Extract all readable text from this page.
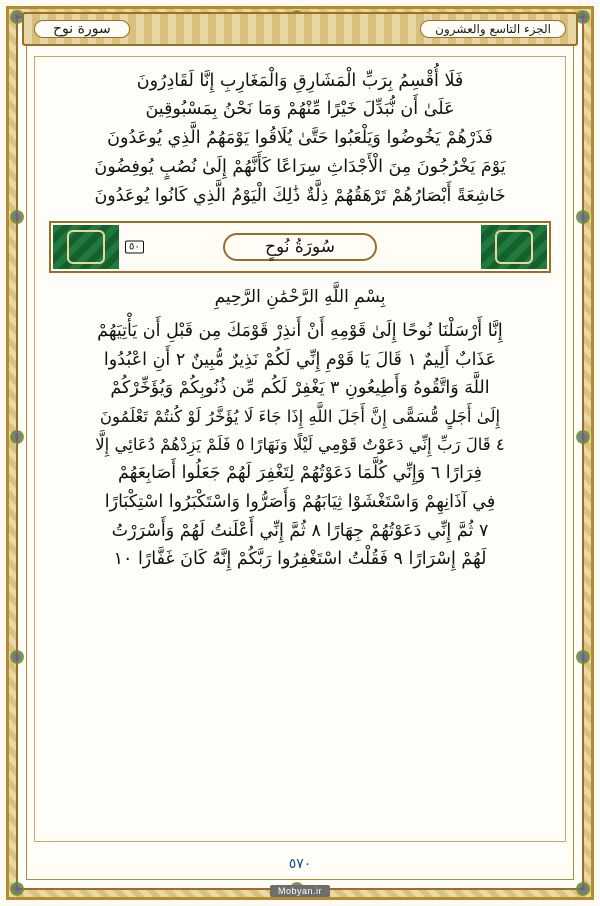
الجزء التاسع والعشرون
سورة نوح

فَلَا أُقْسِمُ بِرَبِّ الْمَشَارِقِ وَالْمَغَارِبِ إِنَّا لَقَادِرُونَ

عَلَىٰ أَن نُّبَدِّلَ خَيْرًا مِّنْهُمْ وَمَا نَحْنُ بِمَسْبُوقِينَ

فَذَرْهُمْ يَخُوضُوا وَيَلْعَبُوا حَتَّىٰ يُلَاقُوا يَوْمَهُمُ الَّذِي يُوعَدُونَ

يَوْمَ يَخْرُجُونَ مِنَ الْأَجْدَاثِ سِرَاعًا كَأَنَّهُمْ إِلَىٰ نُصُبٍ يُوفِضُونَ

خَاشِعَةً أَبْصَارُهُمْ تَرْهَقُهُمْ ذِلَّةٌ ذَٰلِكَ الْيَوْمُ الَّذِي كَانُوا يُوعَدُونَ

سُورَةُ نُوحٍ
٥٠
بِسْمِ اللَّهِ الرَّحْمَٰنِ الرَّحِيمِ

إِنَّا أَرْسَلْنَا نُوحًا إِلَىٰ قَوْمِهِ أَنْ أَنذِرْ قَوْمَكَ مِن قَبْلِ أَن يَأْتِيَهُمْ

عَذَابٌ أَلِيمٌ ١ قَالَ يَا قَوْمِ إِنِّي لَكُمْ نَذِيرٌ مُّبِينٌ ٢ أَنِ اعْبُدُوا

اللَّهَ وَاتَّقُوهُ وَأَطِيعُونِ ٣ يَغْفِرْ لَكُم مِّن ذُنُوبِكُمْ وَيُؤَخِّرْكُمْ

إِلَىٰ أَجَلٍ مُّسَمًّى إِنَّ أَجَلَ اللَّهِ إِذَا جَاءَ لَا يُؤَخَّرُ لَوْ كُنتُمْ تَعْلَمُونَ

٤ قَالَ رَبِّ إِنِّي دَعَوْتُ قَوْمِي لَيْلًا وَنَهَارًا ٥ فَلَمْ يَزِدْهُمْ دُعَائِي إِلَّا

فِرَارًا ٦ وَإِنِّي كُلَّمَا دَعَوْتُهُمْ لِتَغْفِرَ لَهُمْ جَعَلُوا أَصَابِعَهُمْ

فِي آذَانِهِمْ وَاسْتَغْشَوْا ثِيَابَهُمْ وَأَصَرُّوا وَاسْتَكْبَرُوا اسْتِكْبَارًا

٧ ثُمَّ إِنِّي دَعَوْتُهُمْ جِهَارًا ٨ ثُمَّ إِنِّي أَعْلَنتُ لَهُمْ وَأَسْرَرْتُ

لَهُمْ إِسْرَارًا ٩ فَقُلْتُ اسْتَغْفِرُوا رَبَّكُمْ إِنَّهُ كَانَ غَفَّارًا ١٠

٥٧٠
Mobyan.ir
